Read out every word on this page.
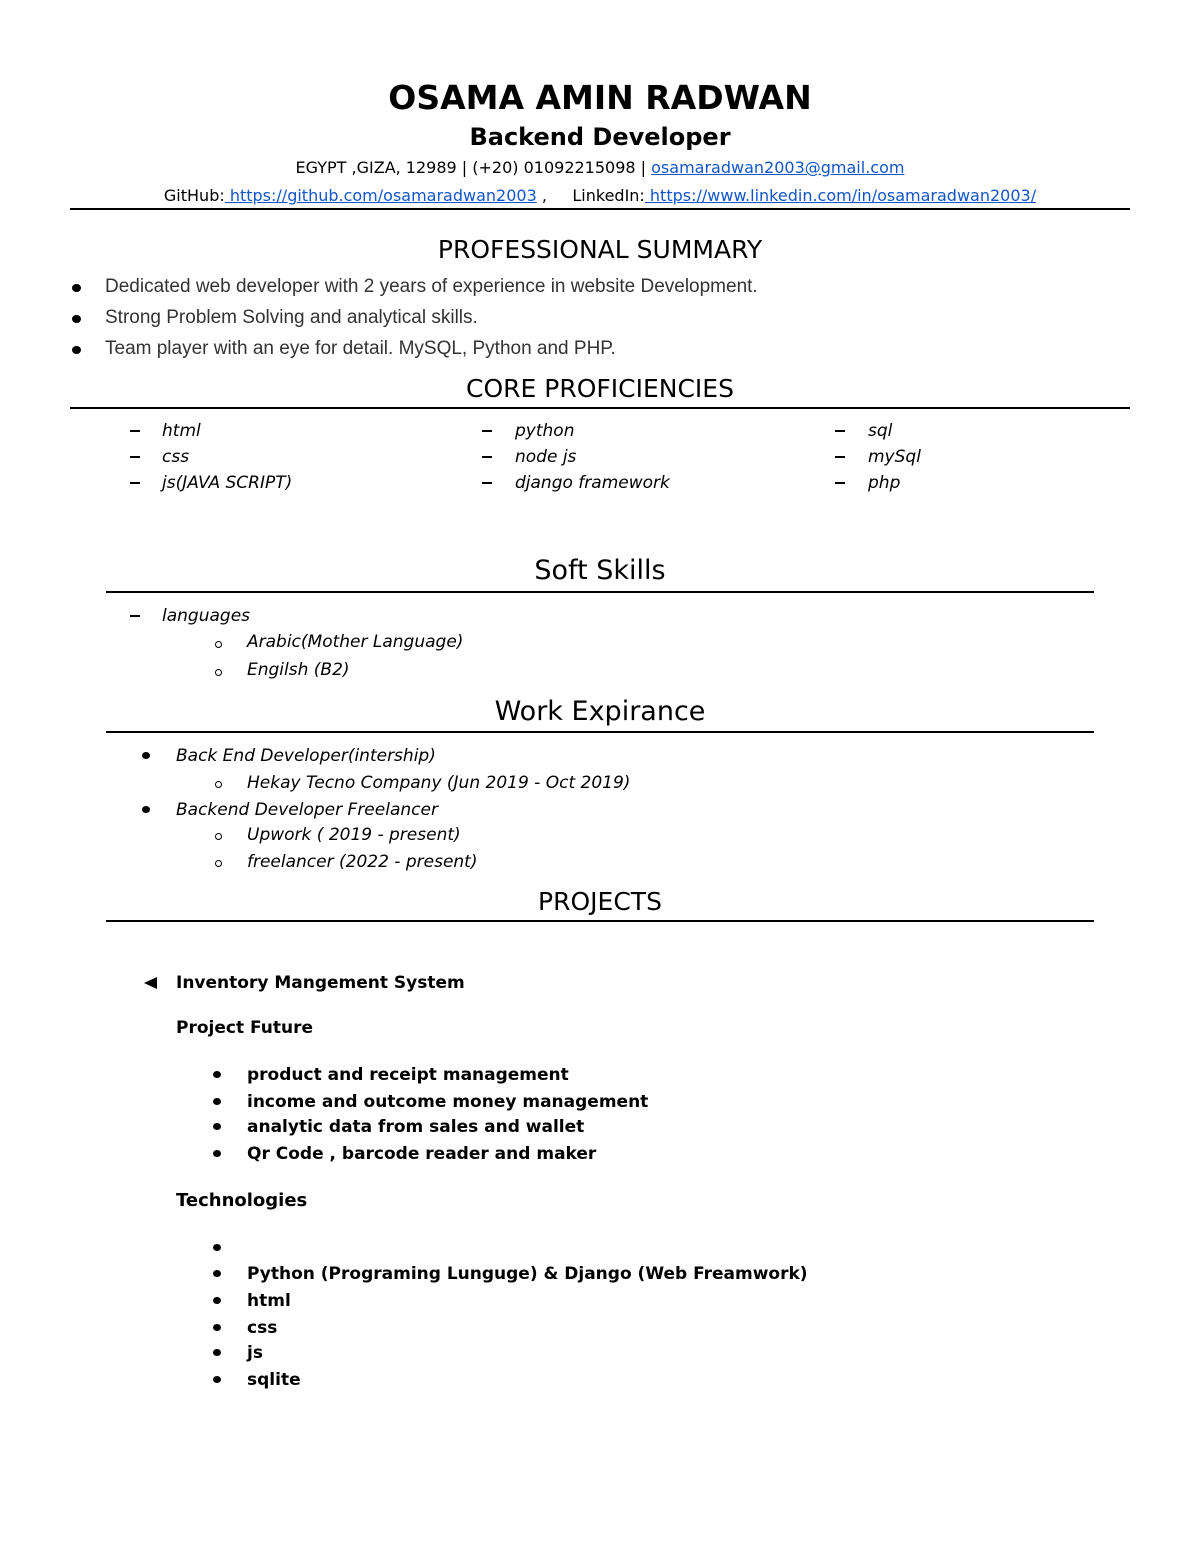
OSAMA AMIN RADWAN
Backend Developer
EGYPT ,GIZA, 12989 | (+20) 01092215098 | osamaradwan2003@gmail.com
GitHub: https://github.com/osamaradwan2003 , LinkedIn: https://www.linkedin.com/in/osamaradwan2003/
PROFESSIONAL SUMMARY
Dedicated web developer with 2 years of experience in website Development.
Strong Problem Solving and analytical skills.
Team player with an eye for detail. MySQL, Python and PHP.
CORE PROFICIENCIES
html
css
js(JAVA SCRIPT)
python
node js
django framework
sql
mySql
php
Soft Skills
languages
Arabic(Mother Language)
Engilsh (B2)
Work Expirance
Back End Developer(intership)
Hekay Tecno Company (Jun 2019 - Oct 2019)
Backend Developer Freelancer
Upwork ( 2019 - present)
freelancer (2022 - present)
PROJECTS
Inventory Mangement System
Project Future
product and receipt management
income and outcome money management
analytic data from sales and wallet
Qr Code , barcode reader and maker
Technologies
Python (Programing Lunguge) & Django (Web Freamwork)
html
css
js
sqlite
